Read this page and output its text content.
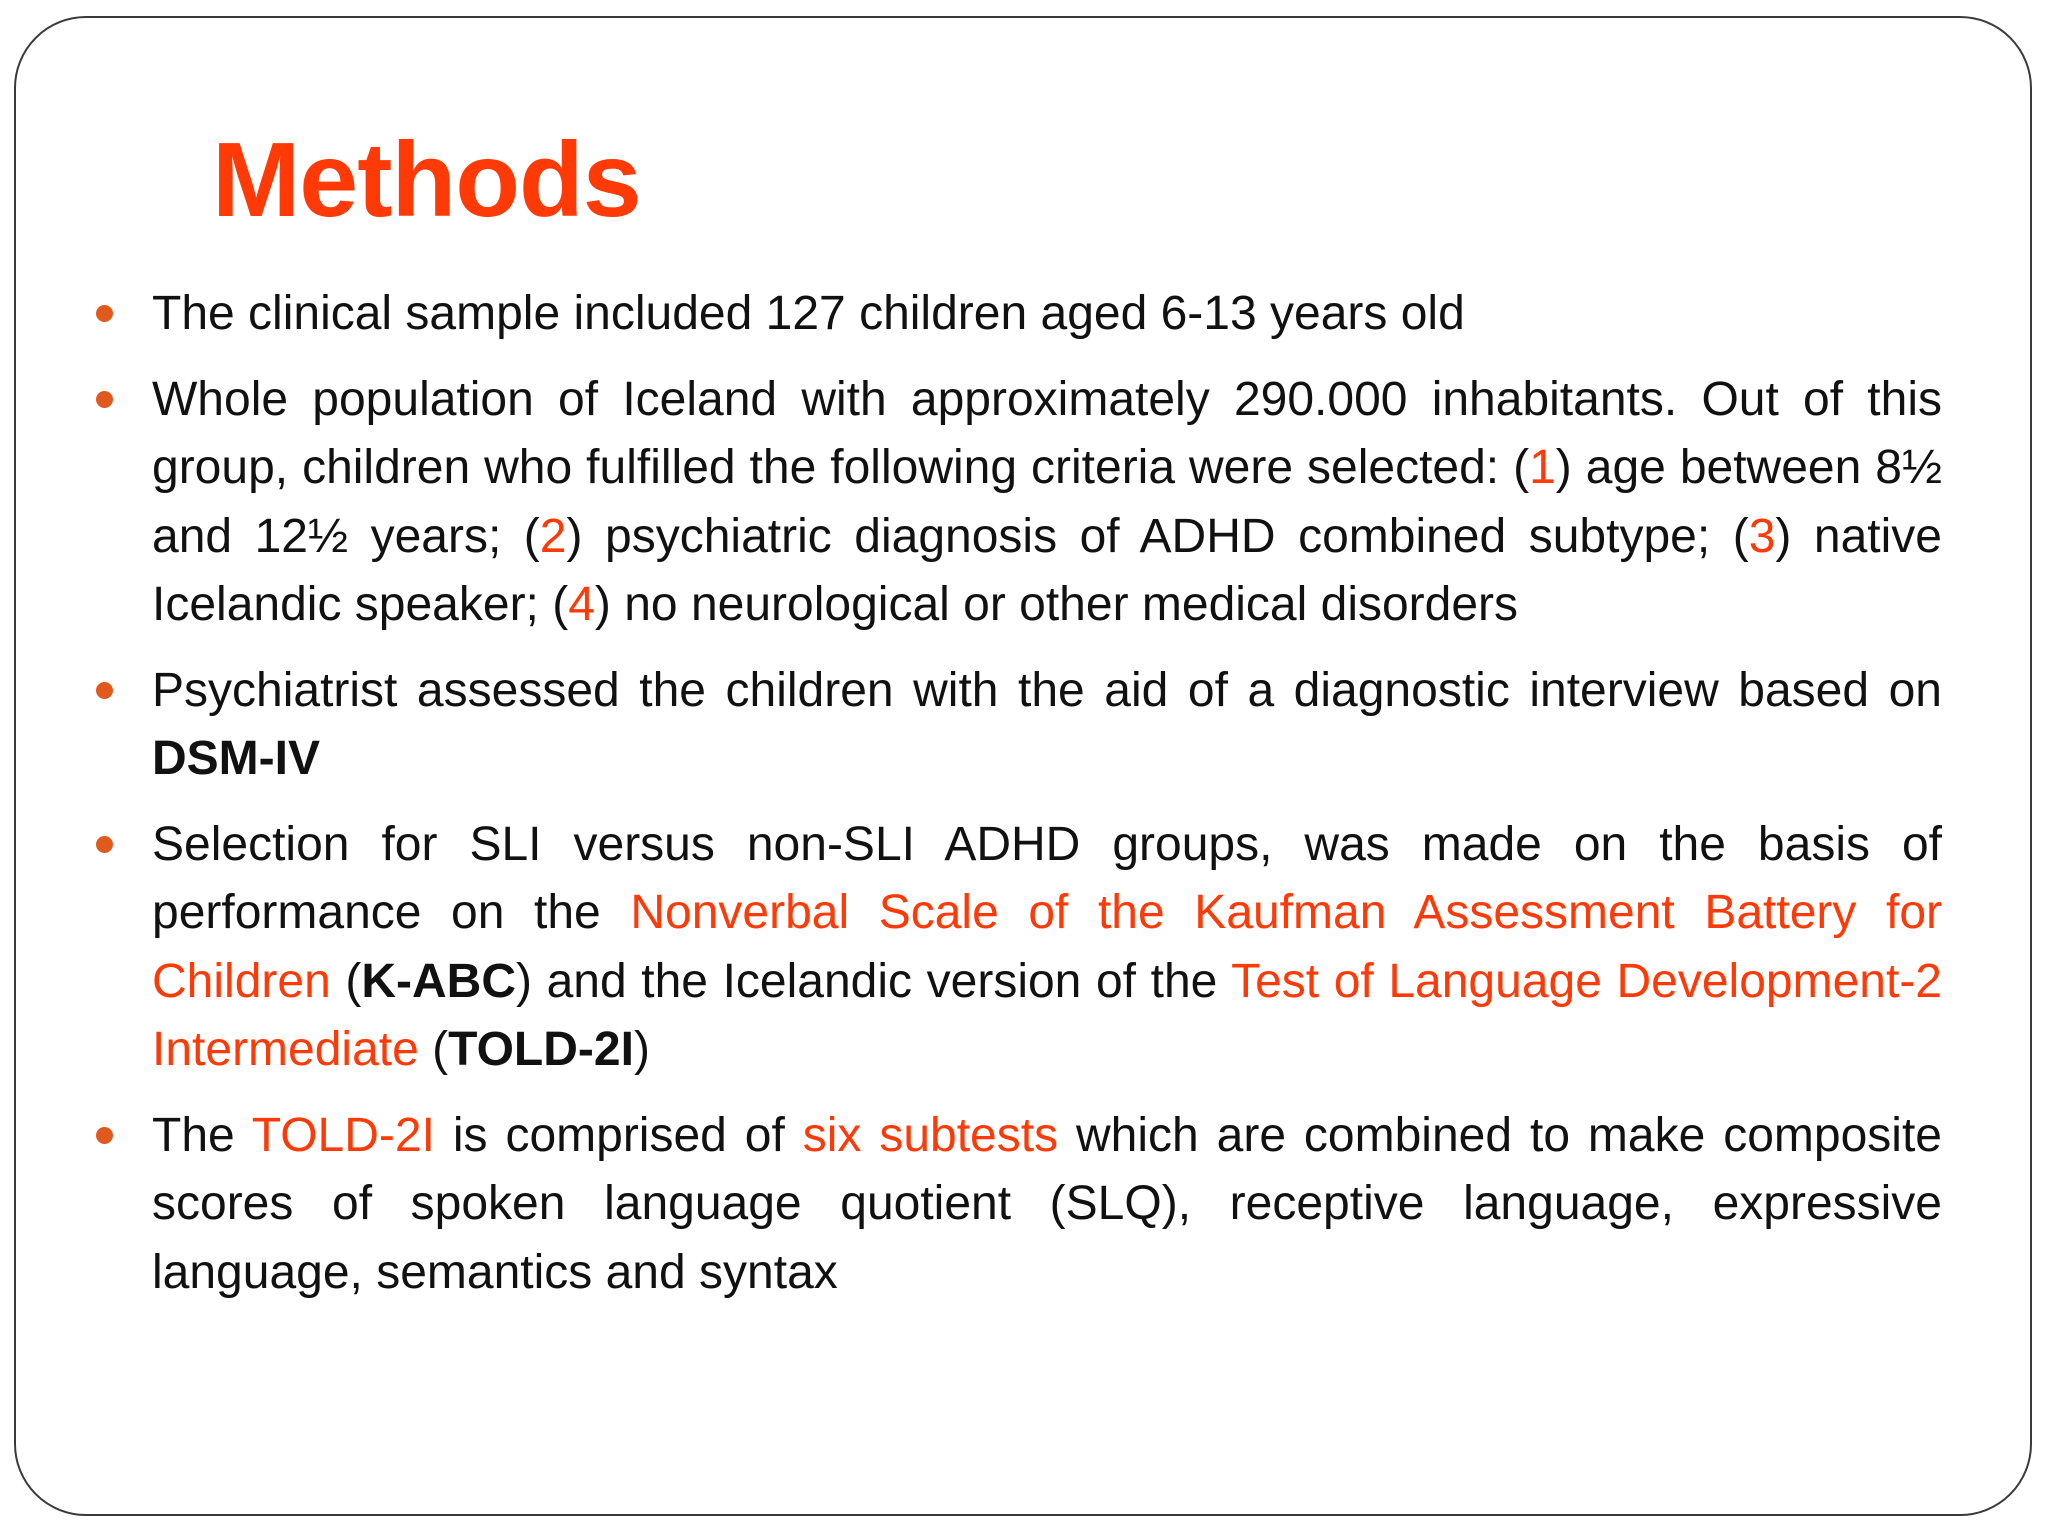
Methods
The clinical sample included 127 children aged 6-13 years old
Whole population of Iceland with approximately 290.000 inhabitants. Out of this group, children who fulfilled the following criteria were selected: (1) age between 8½ and 12½ years; (2) psychiatric diagnosis of ADHD combined subtype; (3) native Icelandic speaker; (4) no neurological or other medical disorders
Psychiatrist assessed the children with the aid of a diagnostic interview based on DSM-IV
Selection for SLI versus non-SLI ADHD groups, was made on the basis of performance on the Nonverbal Scale of the Kaufman Assessment Battery for Children (K-ABC) and the Icelandic version of the Test of Language Development-2 Intermediate (TOLD-2I)
The TOLD-2I is comprised of six subtests which are combined to make composite scores of spoken language quotient (SLQ), receptive language, expressive language, semantics and syntax
